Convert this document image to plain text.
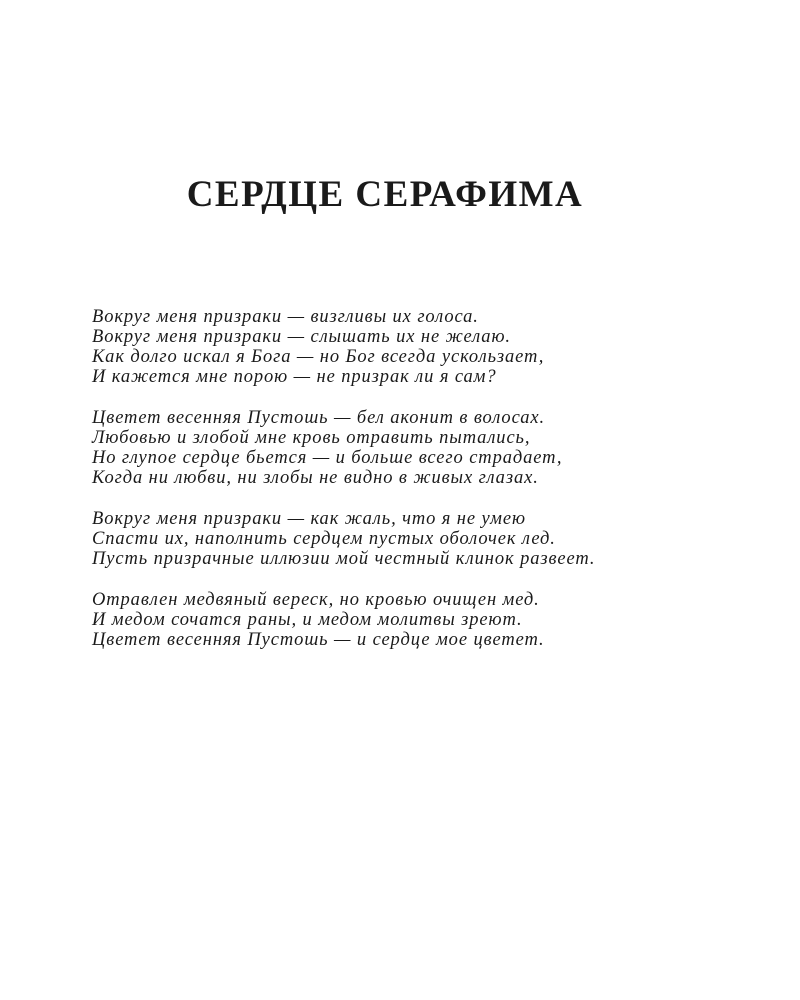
СЕРДЦЕ СЕРАФИМА
Вокруг меня призраки — визгливы их голоса.
Вокруг меня призраки — слышать их не желаю.
Как долго искал я Бога — но Бог всегда ускользает,
И кажется мне порою — не призрак ли я сам?
Цветет весенняя Пустошь — бел аконит в волосах.
Любовью и злобой мне кровь отравить пытались,
Но глупое сердце бьется — и больше всего страдает,
Когда ни любви, ни злобы не видно в живых глазах.
Вокруг меня призраки — как жаль, что я не умею
Спасти их, наполнить сердцем пустых оболочек лед.
Пусть призрачные иллюзии мой честный клинок развеет.
Отравлен медвяный вереск, но кровью очищен мед.
И медом сочатся раны, и медом молитвы зреют.
Цветет весенняя Пустошь — и сердце мое цветет.
